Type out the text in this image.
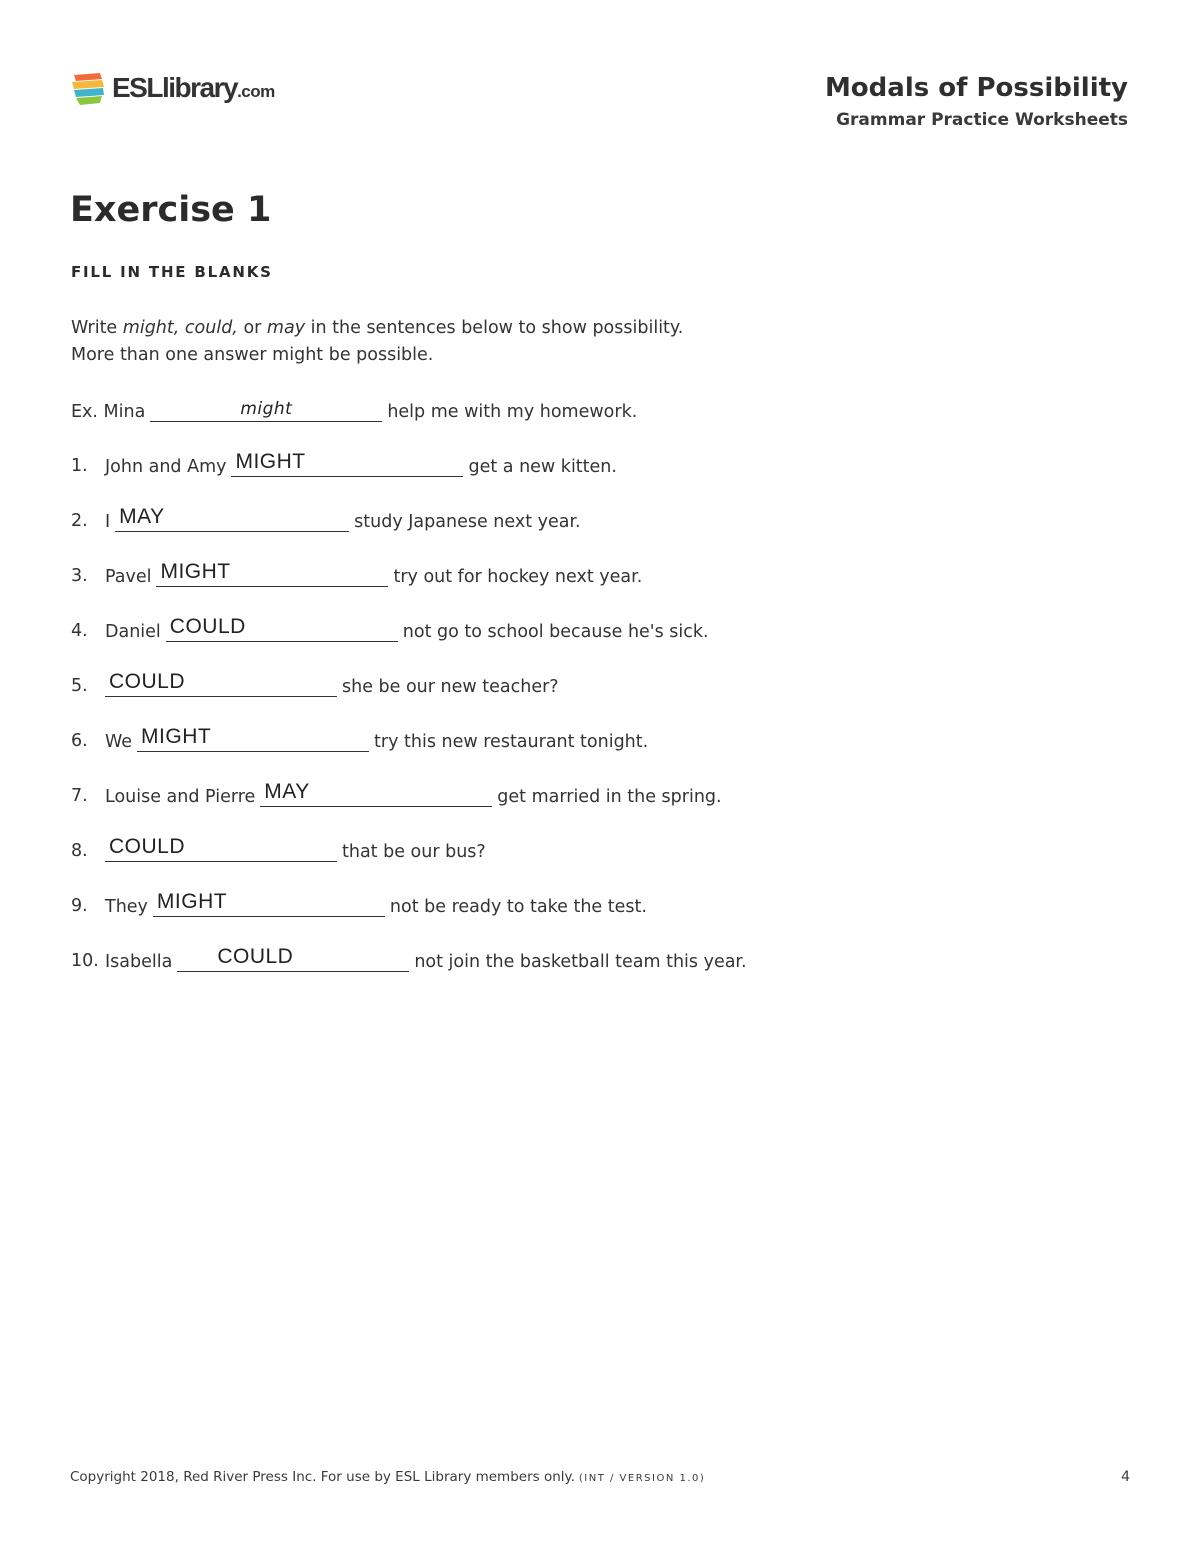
ESLlibrary.com	Modals of Possibility
Grammar Practice Worksheets
Exercise 1
FILL IN THE BLANKS
Write might, could, or may in the sentences below to show possibility.
More than one answer might be possible.
Ex. Mina	might	help me with my homework.
1. John and Amy MIGHT	get a new kitten.
2. I MAY	study Japanese next year.
3. Pavel MIGHT	try out for hockey next year.
4. Daniel COULD	not go to school because he's sick.
5. COULD	she be our new teacher?
6. We MIGHT	try this new restaurant tonight.
7. Louise and Pierre MAY	get married in the spring.
8. COULD	that be our bus?
9. They MIGHT	not be ready to take the test.
10. Isabella COULD	not join the basketball team this year.
Copyright 2018, Red River Press Inc. For use by ESL Library members only. (INT / VERSION 1.0)	4
